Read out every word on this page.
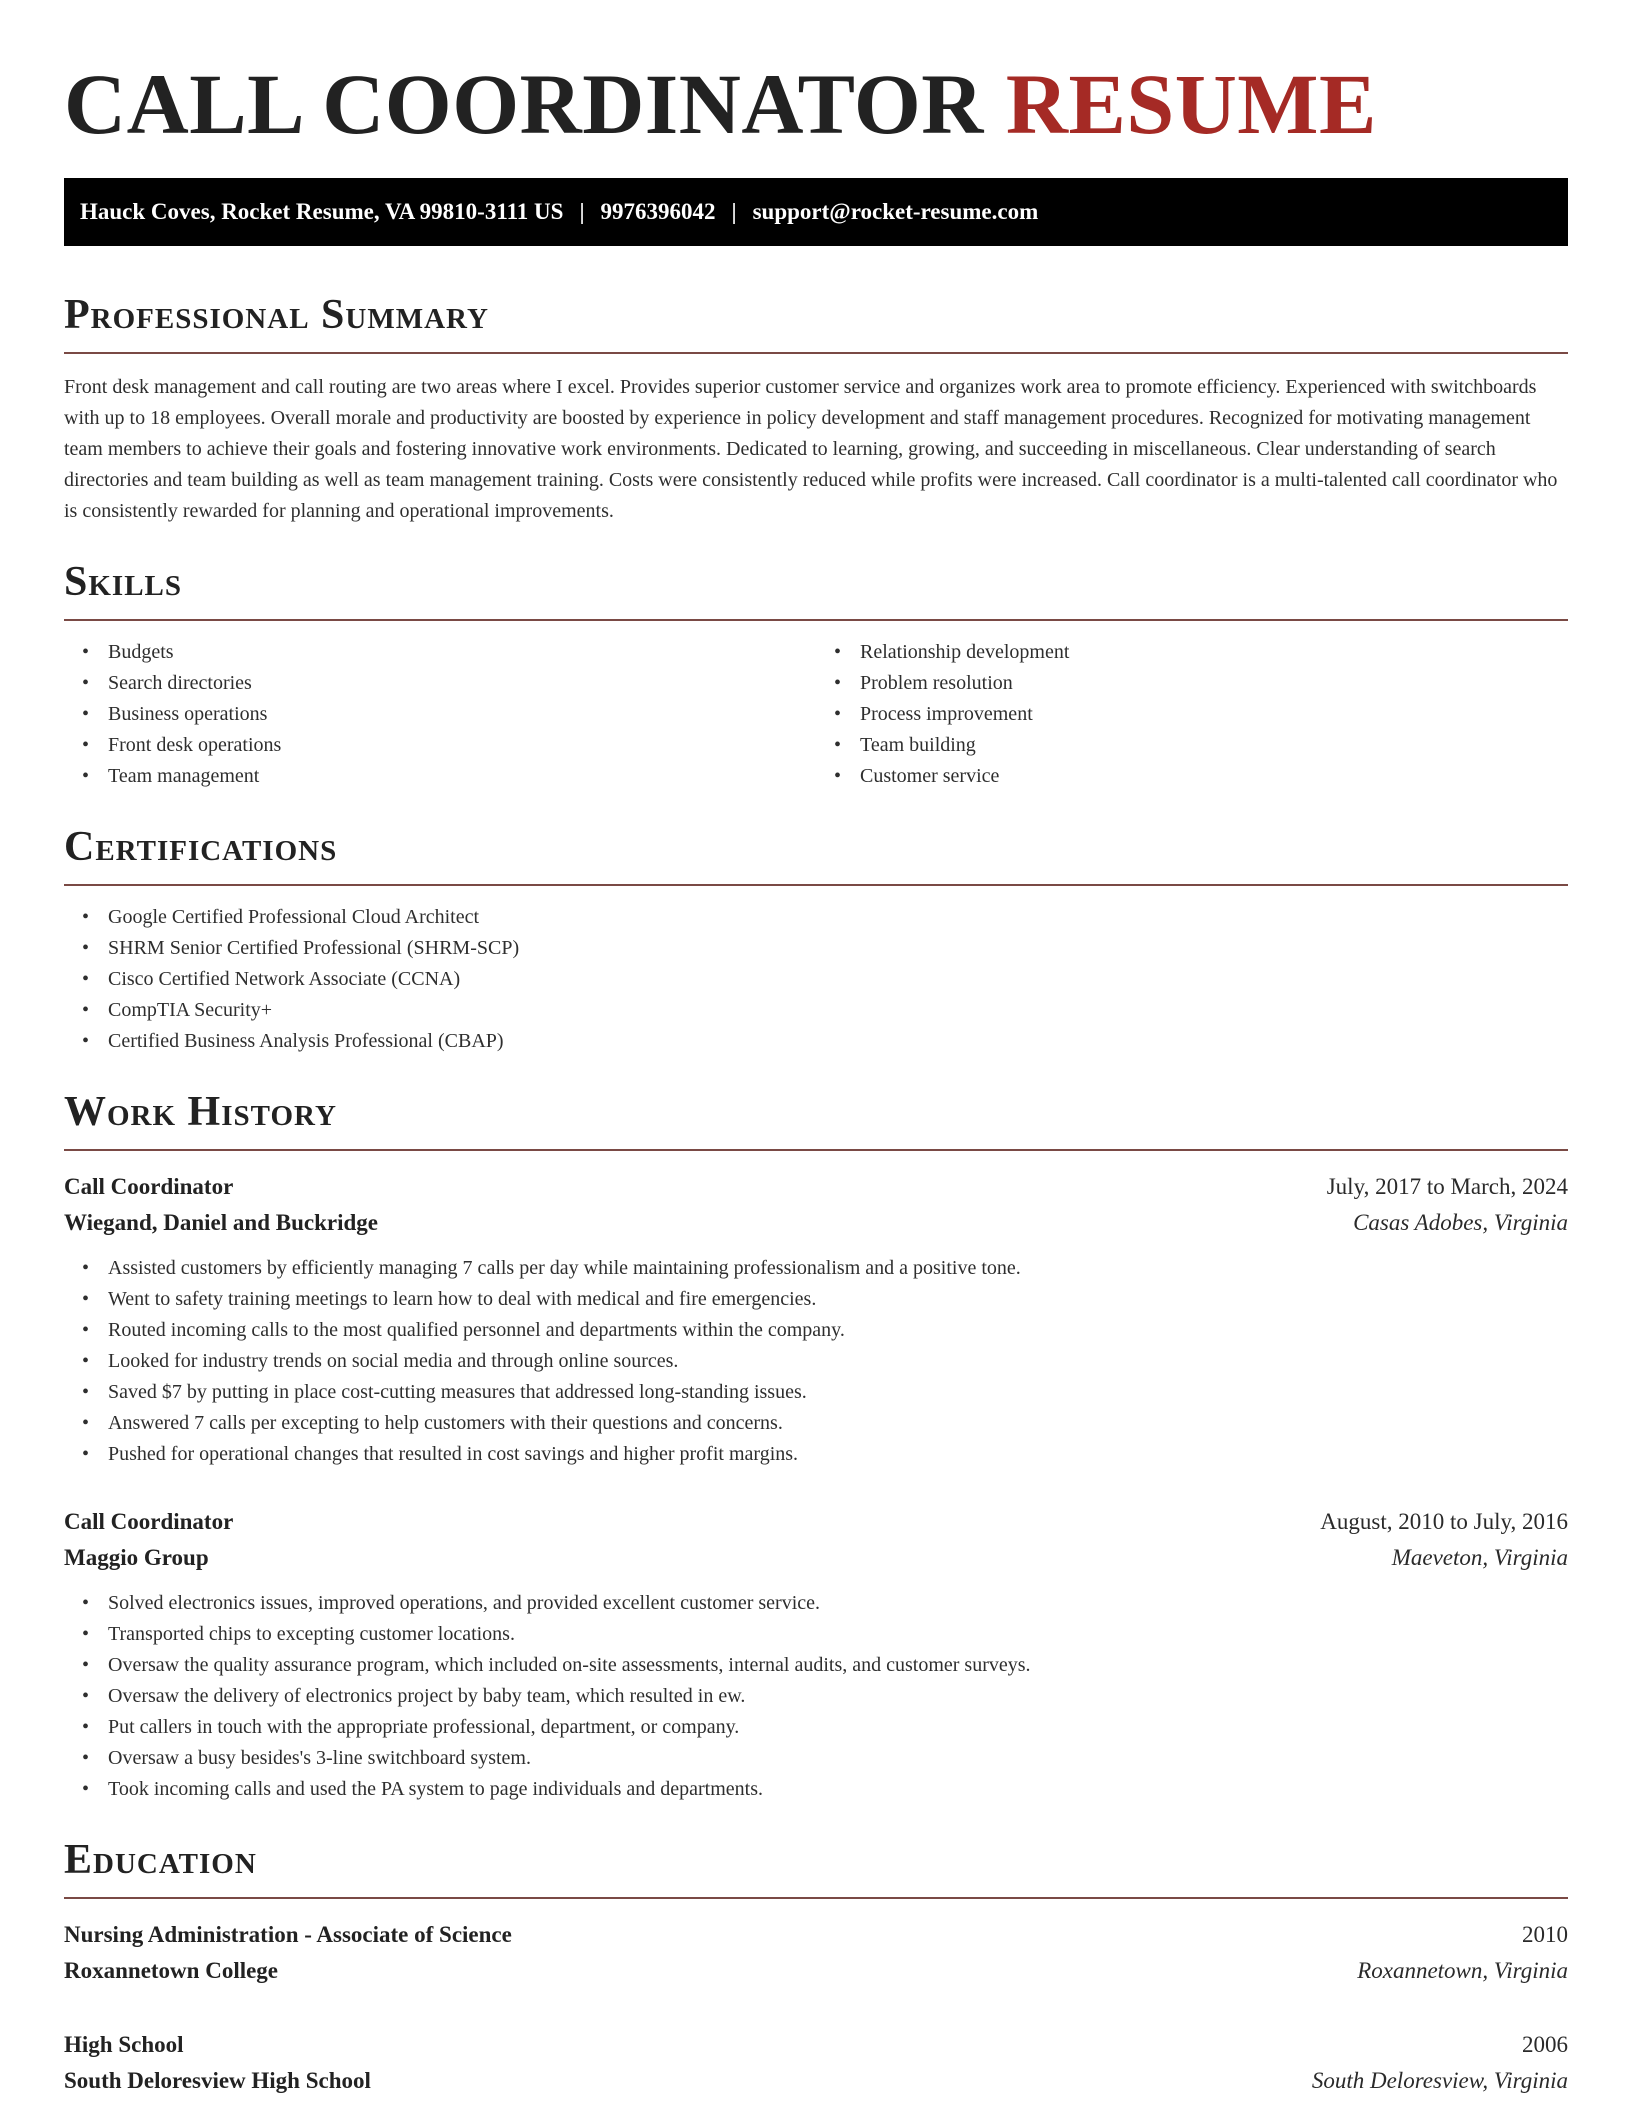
CALL COORDINATOR RESUME
Hauck Coves, Rocket Resume, VA 99810-3111 US | 9976396042 | support@rocket-resume.com
Professional Summary

Front desk management and call routing are two areas where I excel. Provides superior customer service and organizes work area to promote efficiency. Experienced with switchboards with up to 18 employees. Overall morale and productivity are boosted by experience in policy development and staff management procedures. Recognized for motivating management team members to achieve their goals and fostering innovative work environments. Dedicated to learning, growing, and succeeding in miscellaneous. Clear understanding of search directories and team building as well as team management training. Costs were consistently reduced while profits were increased. Call coordinator is a multi-talented call coordinator who is consistently rewarded for planning and operational improvements.

Skills
• Budgets
• Search directories
• Business operations
• Front desk operations
• Team management
• Relationship development
• Problem resolution
• Process improvement
• Team building
• Customer service
Certifications
• Google Certified Professional Cloud Architect
• SHRM Senior Certified Professional (SHRM-SCP)
• Cisco Certified Network Associate (CCNA)
• CompTIA Security+
• Certified Business Analysis Professional (CBAP)
Work History
Call Coordinator	July, 2017 to March, 2024
Wiegand, Daniel and Buckridge	Casas Adobes, Virginia
• Assisted customers by efficiently managing 7 calls per day while maintaining professionalism and a positive tone.
• Went to safety training meetings to learn how to deal with medical and fire emergencies.
• Routed incoming calls to the most qualified personnel and departments within the company.
• Looked for industry trends on social media and through online sources.
• Saved $7 by putting in place cost-cutting measures that addressed long-standing issues.
• Answered 7 calls per excepting to help customers with their questions and concerns.
• Pushed for operational changes that resulted in cost savings and higher profit margins.
Call Coordinator	August, 2010 to July, 2016
Maggio Group	Maeveton, Virginia
• Solved electronics issues, improved operations, and provided excellent customer service.
• Transported chips to excepting customer locations.
• Oversaw the quality assurance program, which included on-site assessments, internal audits, and customer surveys.
• Oversaw the delivery of electronics project by baby team, which resulted in ew.
• Put callers in touch with the appropriate professional, department, or company.
• Oversaw a busy besides's 3-line switchboard system.
• Took incoming calls and used the PA system to page individuals and departments.
Education
Nursing Administration - Associate of Science	2010
Roxannetown College	Roxannetown, Virginia
High School	2006
South Deloresview High School	South Deloresview, Virginia
